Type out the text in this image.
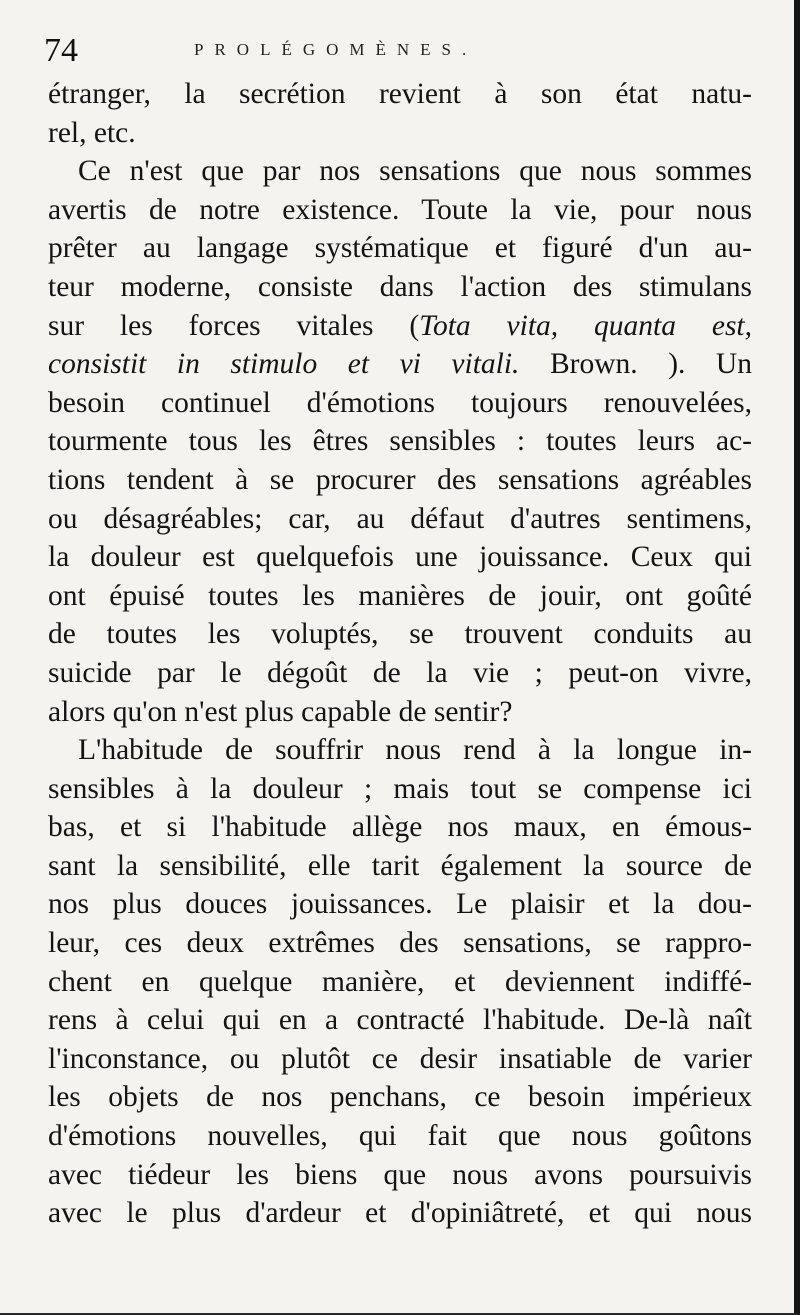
74	PROLÉGOMÈNES.

étranger, la secrétion revient à son état natu-

rel, etc.

Ce n'est que par nos sensations que nous sommes

avertis de notre existence. Toute la vie, pour nous

prêter au langage systématique et figuré d'un au-

teur moderne, consiste dans l'action des stimulans

sur les forces vitales (Tota vita, quanta est,

consistit in stimulo et vi vitali. Brown. ). Un

besoin continuel d'émotions toujours renouvelées,

tourmente tous les êtres sensibles : toutes leurs ac-

tions tendent à se procurer des sensations agréables

ou désagréables; car, au défaut d'autres sentimens,

la douleur est quelquefois une jouissance. Ceux qui

ont épuisé toutes les manières de jouir, ont goûté

de toutes les voluptés, se trouvent conduits au

suicide par le dégoût de la vie ; peut-on vivre,

alors qu'on n'est plus capable de sentir?

L'habitude de souffrir nous rend à la longue in-

sensibles à la douleur ; mais tout se compense ici

bas, et si l'habitude allège nos maux, en émous-

sant la sensibilité, elle tarit également la source de

nos plus douces jouissances. Le plaisir et la dou-

leur, ces deux extrêmes des sensations, se rappro-

chent en quelque manière, et deviennent indiffé-

rens à celui qui en a contracté l'habitude. De-là naît

l'inconstance, ou plutôt ce desir insatiable de varier

les objets de nos penchans, ce besoin impérieux

d'émotions nouvelles, qui fait que nous goûtons

avec tiédeur les biens que nous avons poursuivis

avec le plus d'ardeur et d'opiniâtreté, et qui nous
